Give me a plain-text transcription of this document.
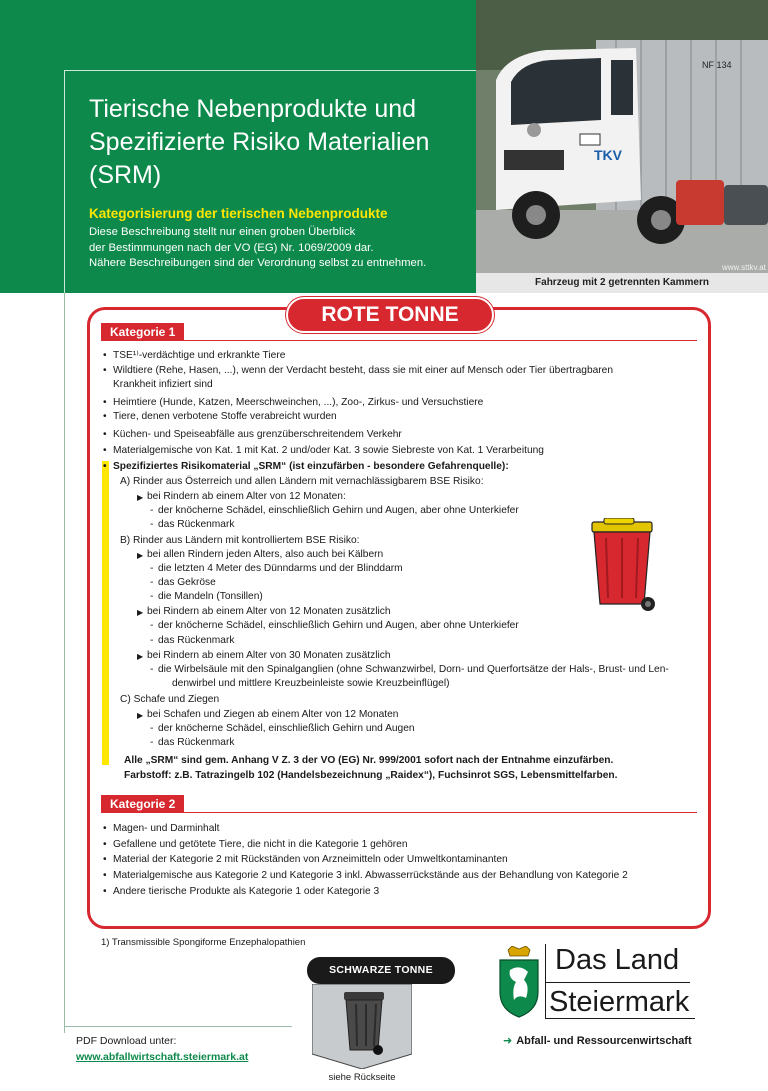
Tierische Nebenprodukte und Spezifizierte Risiko Materialien (SRM)
Kategorisierung der tierischen Nebenprodukte
Diese Beschreibung stellt nur einen groben Überblick
der Bestimmungen nach der VO (EG) Nr. 1069/2009 dar.
Nähere Beschreibungen sind der Verordnung selbst zu entnehmen.
NF 134
TKV
www.sttkv.at
Fahrzeug mit 2 getrennten Kammern
ROTE TONNE
Kategorie 1
• TSE¹⁾-verdächtige und erkrankte Tiere
• Wildtiere (Rehe, Hasen, ...), wenn der Verdacht besteht, dass sie mit einer auf Mensch oder Tier übertragbaren
Krankheit infiziert sind
• Heimtiere (Hunde, Katzen, Meerschweinchen, ...), Zoo-, Zirkus- und Versuchstiere
• Tiere, denen verbotene Stoffe verabreicht wurden
• Küchen- und Speiseabfälle aus grenzüberschreitendem Verkehr
• Materialgemische von Kat. 1 mit Kat. 2 und/oder Kat. 3 sowie Siebreste von Kat. 1 Verarbeitung
• Spezifiziertes Risikomaterial „SRM“ (ist einzufärben - besondere Gefahrenquelle):
A) Rinder aus Österreich und allen Ländern mit vernachlässigbarem BSE Risiko:
▶ bei Rindern ab einem Alter von 12 Monaten:
- der knöcherne Schädel, einschließlich Gehirn und Augen, aber ohne Unterkiefer
- das Rückenmark
B) Rinder aus Ländern mit kontrolliertem BSE Risiko:
▶ bei allen Rindern jeden Alters, also auch bei Kälbern
- die letzten 4 Meter des Dünndarms und der Blinddarm
- das Gekröse
- die Mandeln (Tonsillen)
▶ bei Rindern ab einem Alter von 12 Monaten zusätzlich
- der knöcherne Schädel, einschließlich Gehirn und Augen, aber ohne Unterkiefer
- das Rückenmark
▶ bei Rindern ab einem Alter von 30 Monaten zusätzlich
- die Wirbelsäule mit den Spinalganglien (ohne Schwanzwirbel, Dorn- und Querfortsätze der Hals-, Brust- und Len-
denwirbel und mittlere Kreuzbeinleiste sowie Kreuzbeinflügel)
C) Schafe und Ziegen
▶ bei Schafen und Ziegen ab einem Alter von 12 Monaten
- der knöcherne Schädel, einschließlich Gehirn und Augen
- das Rückenmark
Alle „SRM“ sind gem. Anhang V Z. 3 der VO (EG) Nr. 999/2001 sofort nach der Entnahme einzufärben.
Farbstoff: z.B. Tatrazingelb 102 (Handelsbezeichnung „Raidex“), Fuchsinrot SGS, Lebensmittelfarben.
Kategorie 2
• Magen- und Darminhalt
• Gefallene und getötete Tiere, die nicht in die Kategorie 1 gehören
• Material der Kategorie 2 mit Rückständen von Arzneimitteln oder Umweltkontaminanten
• Materialgemische aus Kategorie 2 und Kategorie 3 inkl. Abwasserrückstände aus der Behandlung von Kategorie 2
• Andere tierische Produkte als Kategorie 1 oder Kategorie 3
1) Transmissible Spongiforme Enzephalopathien
SCHWARZE TONNE
siehe Rückseite
Das Land
Steiermark
➜ Abfall- und Ressourcenwirtschaft
PDF Download unter:
www.abfallwirtschaft.steiermark.at
